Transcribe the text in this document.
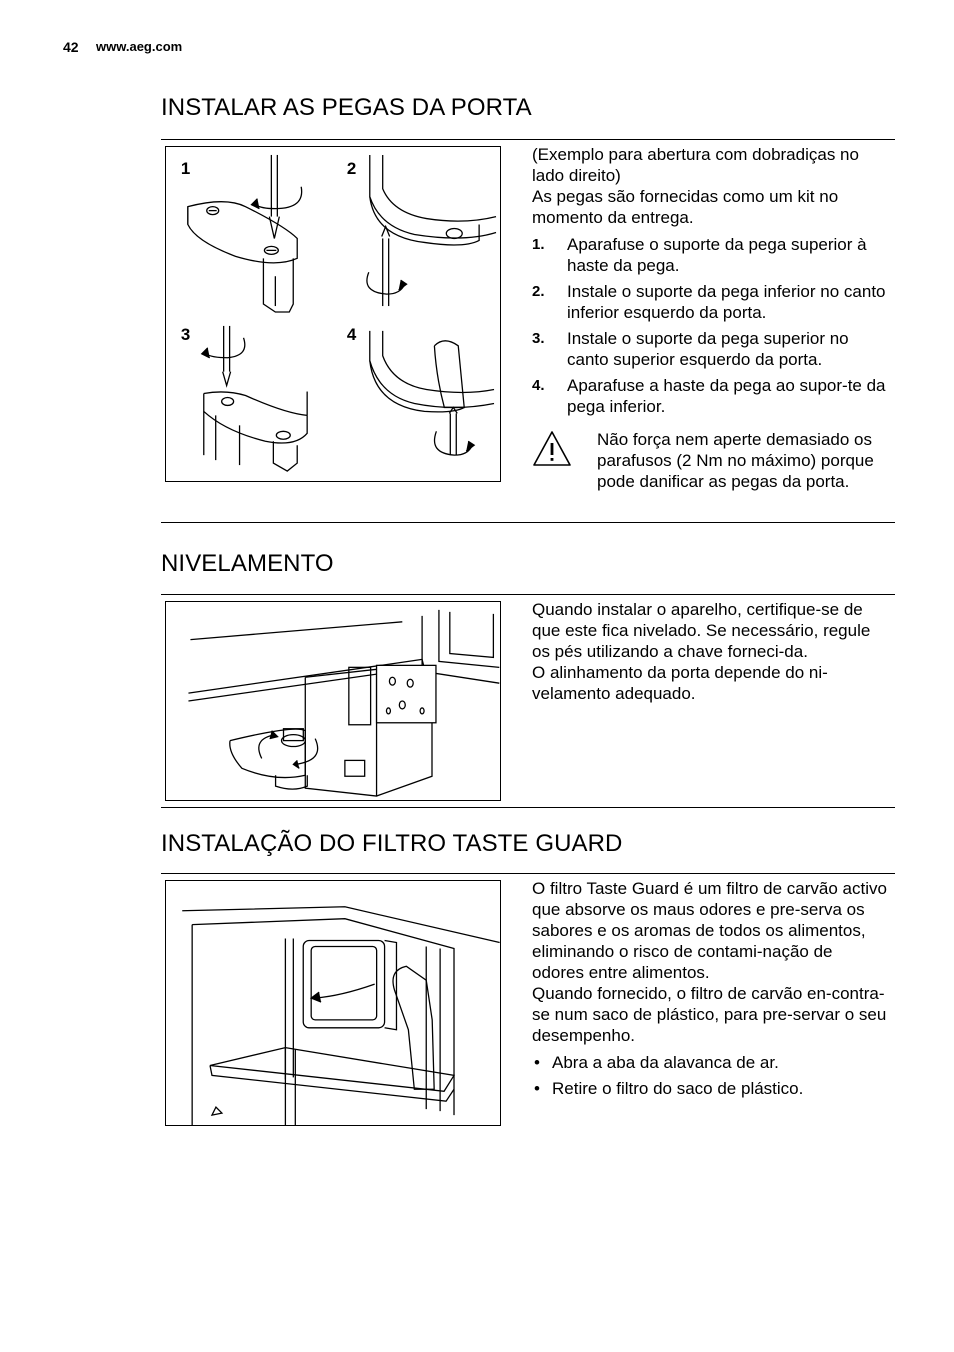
42 www.aeg.com
INSTALAR AS PEGAS DA PORTA
1	2
3	4

(Exemplo para abertura com dobradiças no lado direito)

As pegas são fornecidas como um kit no momento da entrega.

1. Aparafuse o suporte da pega superior à haste da pega.
2. Instale o suporte da pega inferior no canto inferior esquerdo da porta.
3. Instale o suporte da pega superior no canto superior esquerdo da porta.
4. Aparafuse a haste da pega ao supor-te da pega inferior.
Não força nem aperte demasiado os parafusos (2 Nm no máximo) porque pode danificar as pegas da porta.
NIVELAMENTO

Quando instalar o aparelho, certifique-se de que este fica nivelado. Se necessário, regule os pés utilizando a chave forneci-da.

O alinhamento da porta depende do ni-velamento adequado.

INSTALAÇÃO DO FILTRO TASTE GUARD

O filtro Taste Guard é um filtro de carvão activo que absorve os maus odores e pre-serva os sabores e os aromas de todos os alimentos, eliminando o risco de contami-nação de odores entre alimentos.

Quando fornecido, o filtro de carvão en-contra-se num saco de plástico, para pre-servar o seu desempenho.

• Abra a aba da alavanca de ar.
• Retire o filtro do saco de plástico.
